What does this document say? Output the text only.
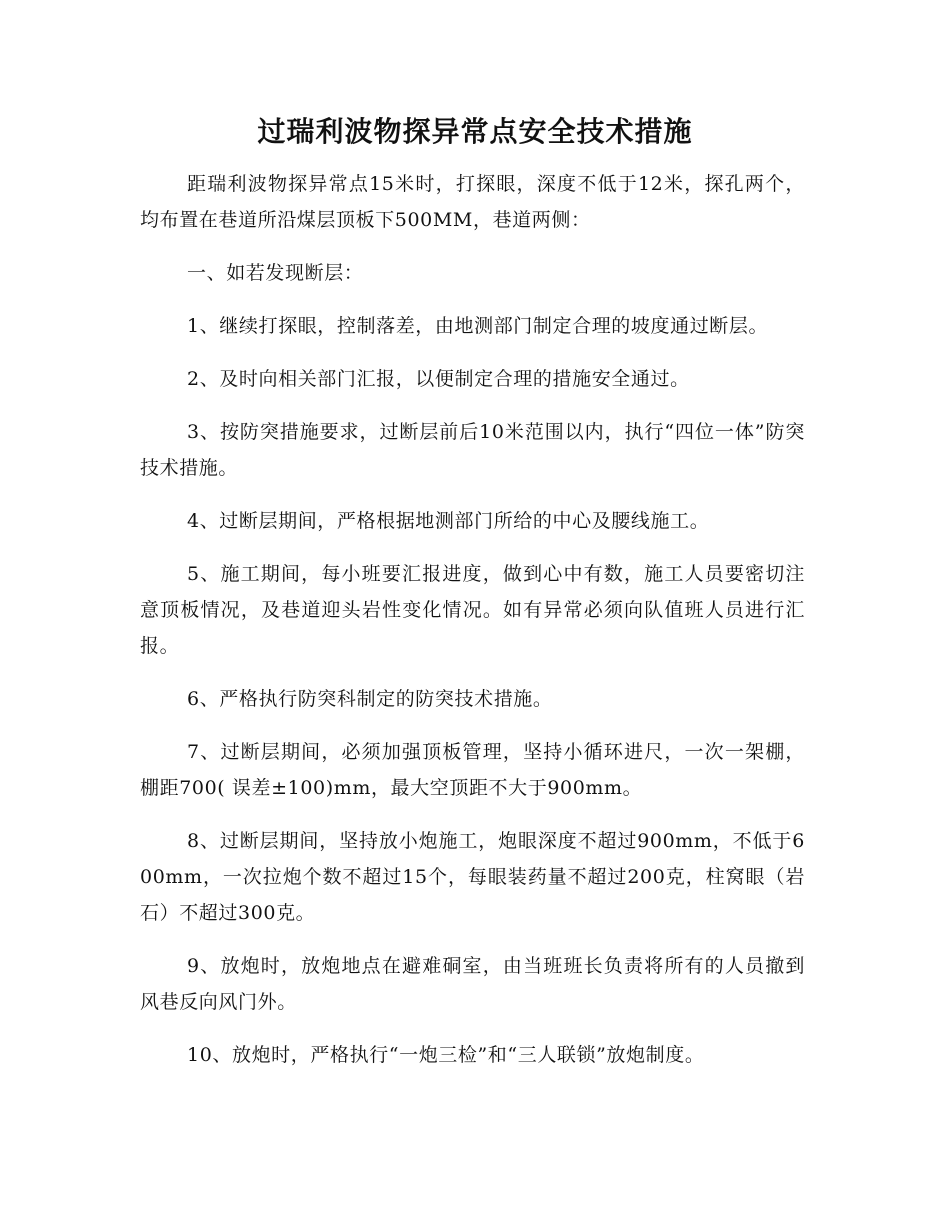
过瑞利波物探异常点安全技术措施

距瑞利波物探异常点15米时，打探眼，深度不低于12米，探孔两个，均布置在巷道所沿煤层顶板下500MM，巷道两侧：

一、如若发现断层：

1、继续打探眼，控制落差，由地测部门制定合理的坡度通过断层。

2、及时向相关部门汇报，以便制定合理的措施安全通过。

3、按防突措施要求，过断层前后10米范围以内，执行“四位一体”防突技术措施。

4、过断层期间，严格根据地测部门所给的中心及腰线施工。

5、施工期间，每小班要汇报进度，做到心中有数，施工人员要密切注意顶板情况，及巷道迎头岩性变化情况。如有异常必须向队值班人员进行汇报。

6、严格执行防突科制定的防突技术措施。

7、过断层期间，必须加强顶板管理，坚持小循环进尺，一次一架棚，棚距700( 误差±100)mm，最大空顶距不大于900mm。

8、过断层期间，坚持放小炮施工，炮眼深度不超过900mm，不低于600mm，一次拉炮个数不超过15个，每眼装药量不超过200克，柱窝眼（岩石）不超过300克。

9、放炮时，放炮地点在避难硐室，由当班班长负责将所有的人员撤到风巷反向风门外。

10、放炮时，严格执行“一炮三检”和“三人联锁”放炮制度。
